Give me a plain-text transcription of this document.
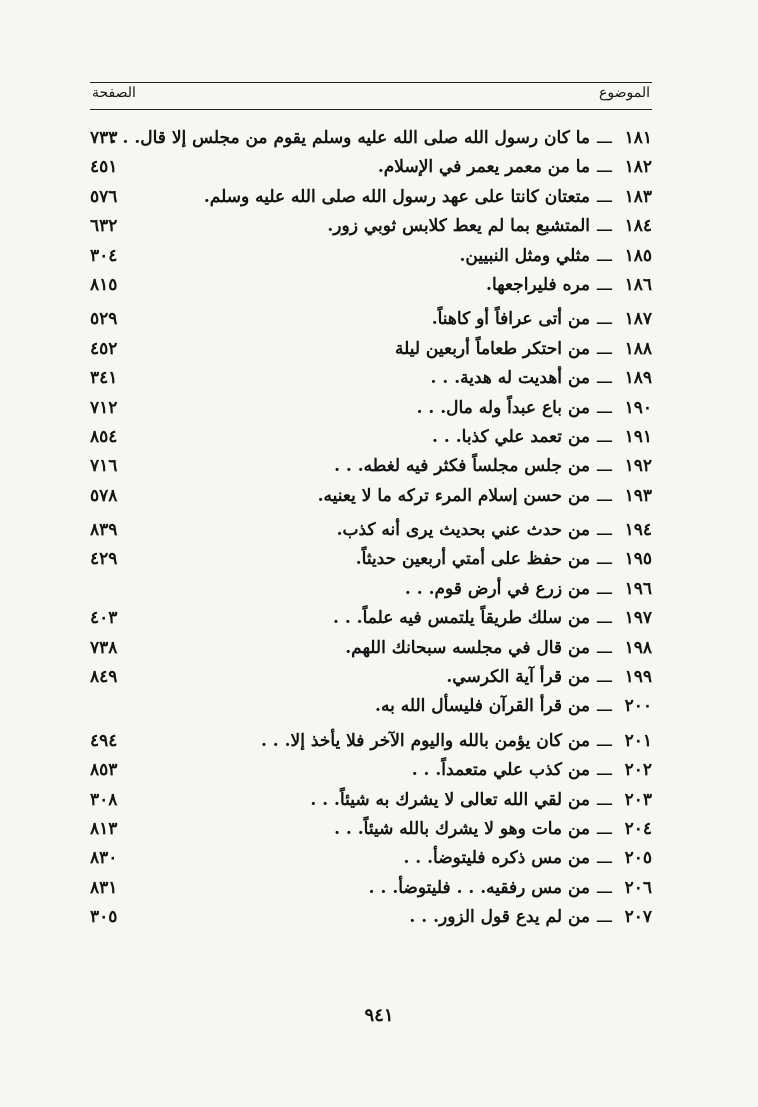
الموضوع
الصفحة
١٨١
ـــ
ما كان رسول الله صلى الله عليه وسلم يقوم من مجلس إلا قال. . .
٧٣٣
١٨٢
ـــ
ما من معمر يعمر في الإسلام.
٤٥١
١٨٣
ـــ
متعتان كانتا على عهد رسول الله صلى الله عليه وسلم.
٥٧٦
١٨٤
ـــ
المتشبع بما لم يعط كلابس ثوبي زور.
٦٣٢
١٨٥
ـــ
مثلي ومثل النبيين.
٣٠٤
١٨٦
ـــ
مره فليراجعها.
٨١٥
١٨٧
ـــ
من أتى عرافاً أو كاهناً.
٥٢٩
١٨٨
ـــ
من احتكر طعاماً أربعين ليلة
٤٥٢
١٨٩
ـــ
من أهديت له هدية. . .
٣٤١
١٩٠
ـــ
من باع عبداً وله مال. . .
٧١٢
١٩١
ـــ
من تعمد علي كذبا. . .
٨٥٤
١٩٢
ـــ
من جلس مجلساً فكثر فيه لغطه. . .
٧١٦
١٩٣
ـــ
من حسن إسلام المرء تركه ما لا يعنيه.
٥٧٨
١٩٤
ـــ
من حدث عني بحديث يرى أنه كذب.
٨٣٩
١٩٥
ـــ
من حفظ على أمتي أربعين حديثاً.
٤٢٩
١٩٦
ـــ
من زرع في أرض قوم. . .
١٩٧
ـــ
من سلك طريقاً يلتمس فيه علماً. . .
٤٠٣
١٩٨
ـــ
من قال في مجلسه سبحانك اللهم.
٧٣٨
١٩٩
ـــ
من قرأ آية الكرسي.
٨٤٩
٢٠٠
ـــ
من قرأ القرآن فليسأل الله به.
٢٠١
ـــ
من كان يؤمن بالله واليوم الآخر فلا يأخذ إلا. . .
٤٩٤
٢٠٢
ـــ
من كذب علي متعمداً. . .
٨٥٣
٢٠٣
ـــ
من لقي الله تعالى لا يشرك به شيئاً. . .
٣٠٨
٢٠٤
ـــ
من مات وهو لا يشرك بالله شيئاً. . .
٨١٣
٢٠٥
ـــ
من مس ذكره فليتوضأ. . .
٨٣٠
٢٠٦
ـــ
من مس رفقيه. . . فليتوضأ. . .
٨٣١
٢٠٧
ـــ
من لم يدع قول الزور. . .
٣٠٥
٩٤١
